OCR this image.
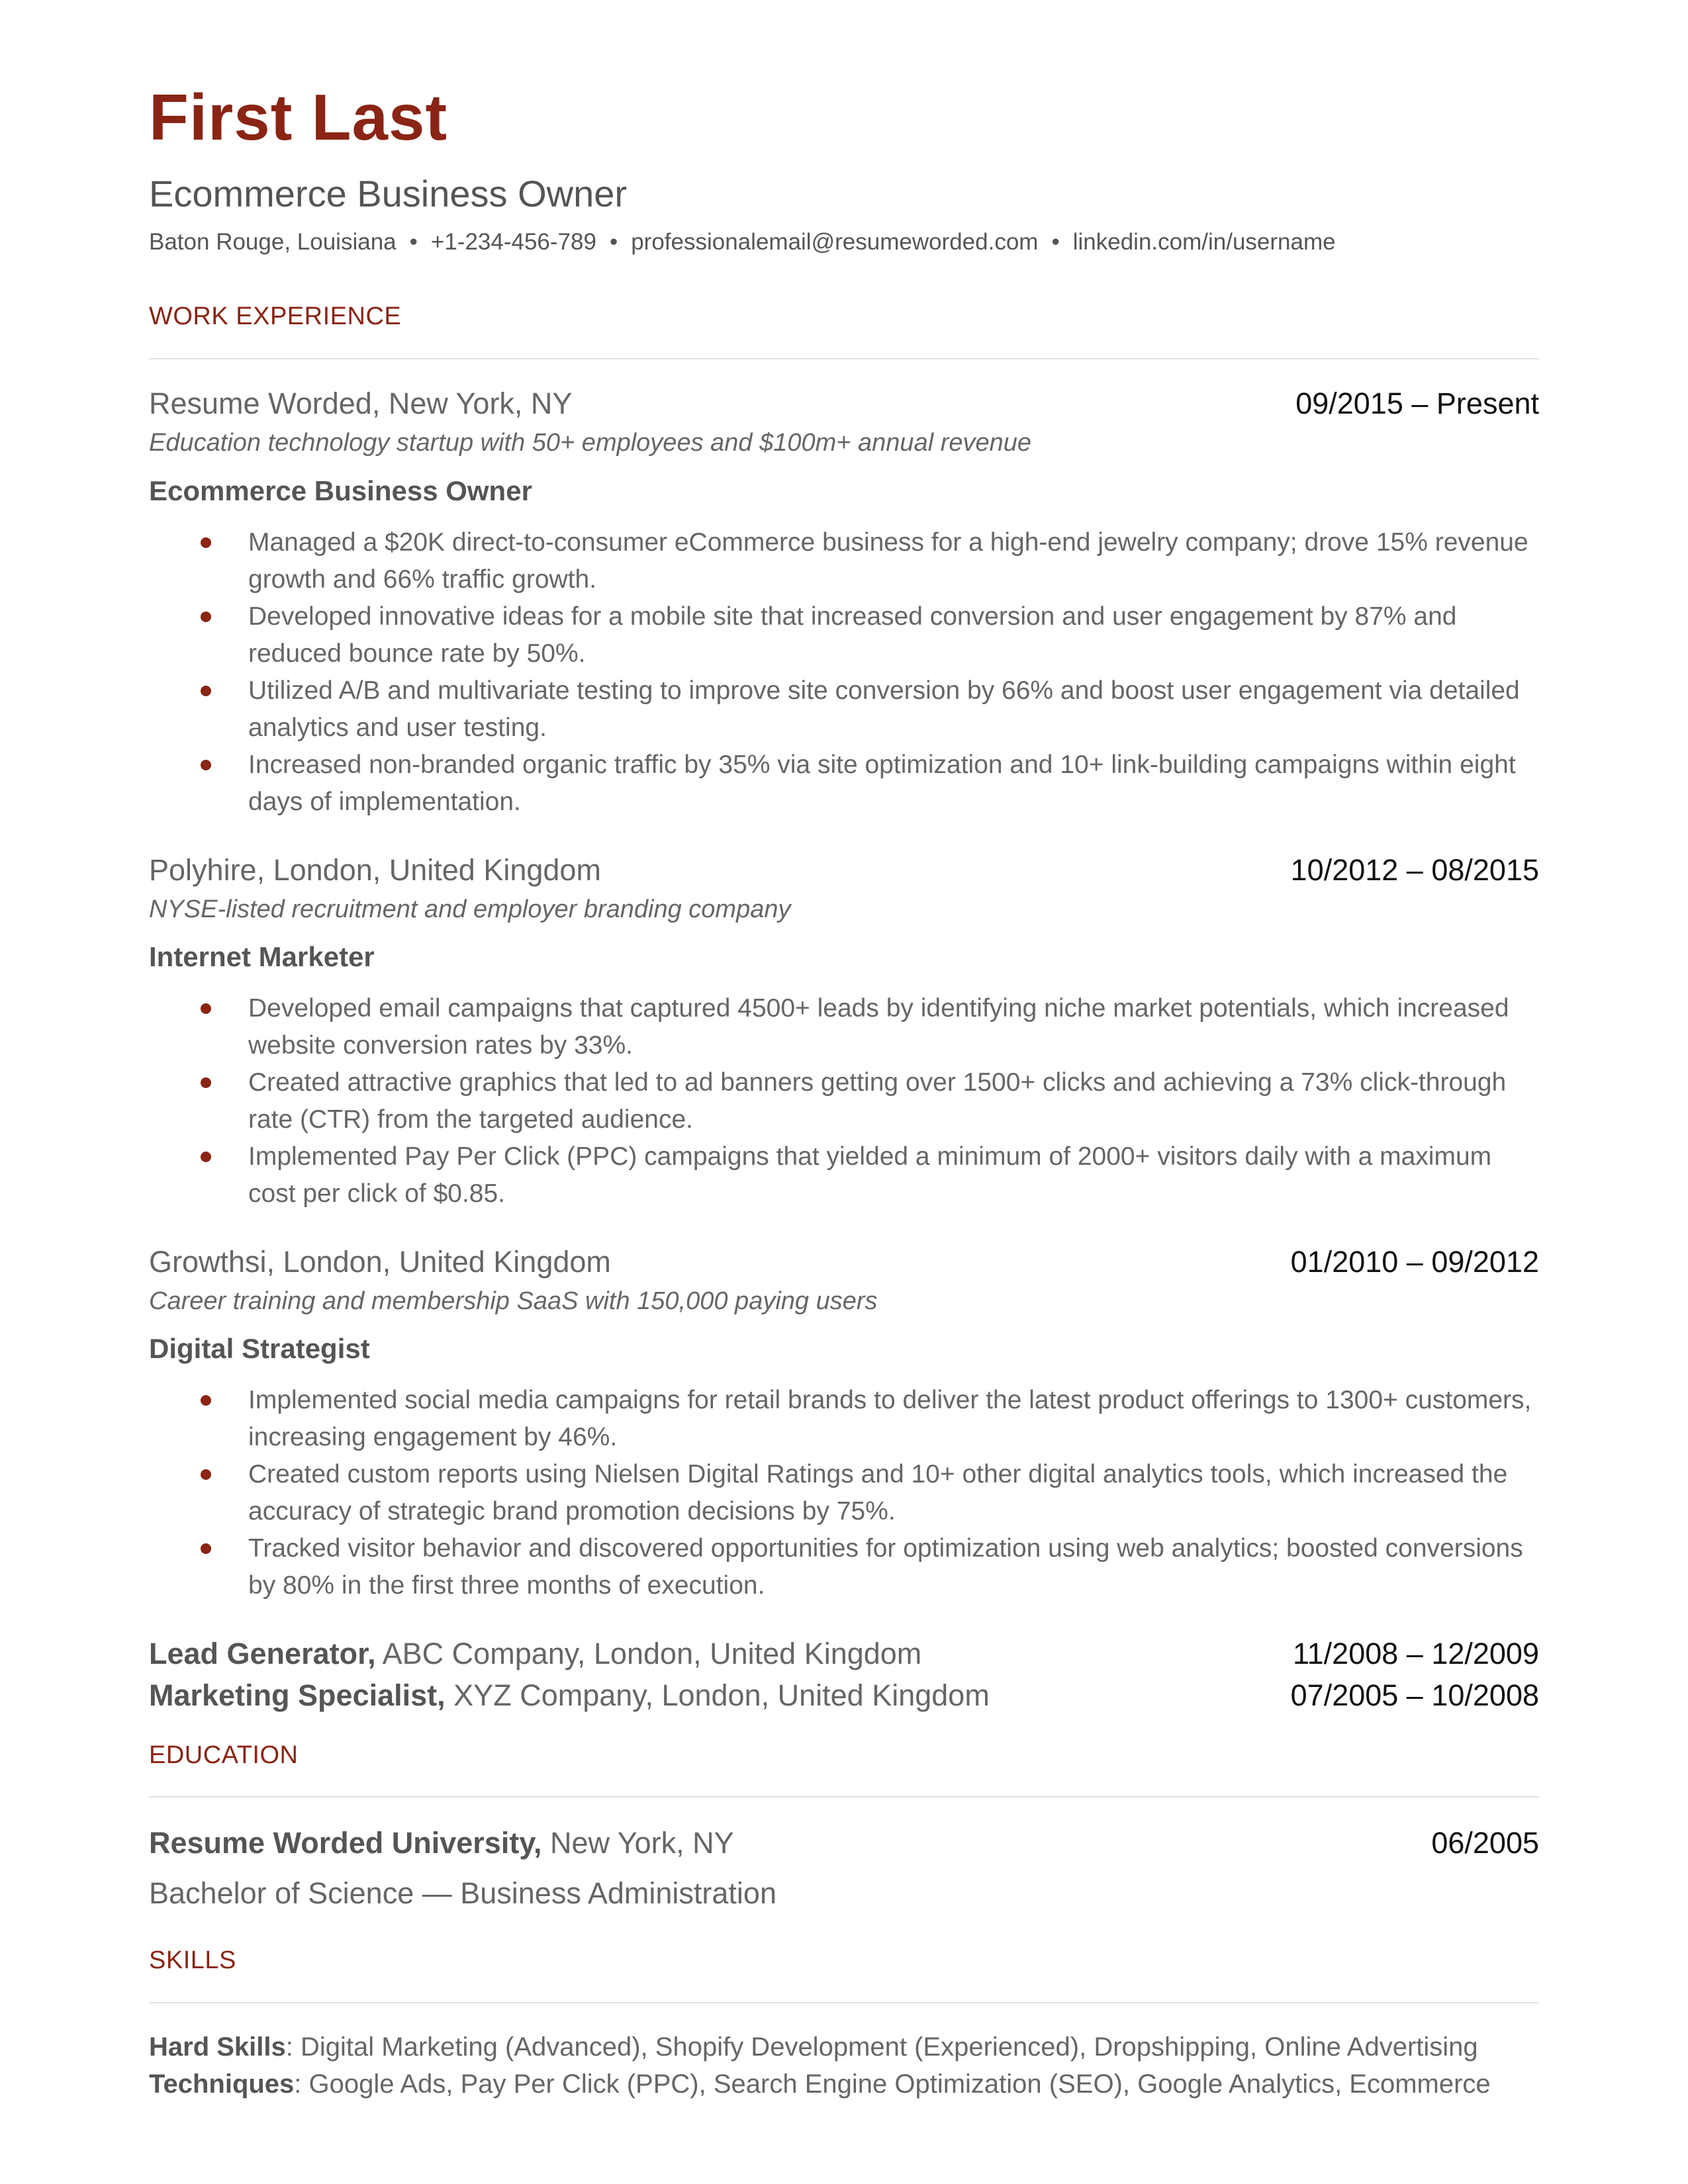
First Last
Ecommerce Business Owner
Baton Rouge, Louisiana • +1-234-456-789 • professionalemail@resumeworded.com • linkedin.com/in/username
WORK EXPERIENCE
Resume Worded, New York, NY	09/2015 – Present
Education technology startup with 50+ employees and $100m+ annual revenue
Ecommerce Business Owner
Managed a $20K direct-to-consumer eCommerce business for a high-end jewelry company; drove 15% revenue growth and 66% traffic growth.
Developed innovative ideas for a mobile site that increased conversion and user engagement by 87% and reduced bounce rate by 50%.
Utilized A/B and multivariate testing to improve site conversion by 66% and boost user engagement via detailed analytics and user testing.
Increased non-branded organic traffic by 35% via site optimization and 10+ link-building campaigns within eight days of implementation.
Polyhire, London, United Kingdom	10/2012 – 08/2015
NYSE-listed recruitment and employer branding company
Internet Marketer
Developed email campaigns that captured 4500+ leads by identifying niche market potentials, which increased website conversion rates by 33%.
Created attractive graphics that led to ad banners getting over 1500+ clicks and achieving a 73% click-through rate (CTR) from the targeted audience.
Implemented Pay Per Click (PPC) campaigns that yielded a minimum of 2000+ visitors daily with a maximum cost per click of $0.85.
Growthsi, London, United Kingdom	01/2010 – 09/2012
Career training and membership SaaS with 150,000 paying users
Digital Strategist
Implemented social media campaigns for retail brands to deliver the latest product offerings to 1300+ customers, increasing engagement by 46%.
Created custom reports using Nielsen Digital Ratings and 10+ other digital analytics tools, which increased the accuracy of strategic brand promotion decisions by 75%.
Tracked visitor behavior and discovered opportunities for optimization using web analytics; boosted conversions by 80% in the first three months of execution.
Lead Generator, ABC Company, London, United Kingdom	11/2008 – 12/2009
Marketing Specialist, XYZ Company, London, United Kingdom	07/2005 – 10/2008
EDUCATION
Resume Worded University, New York, NY	06/2005
Bachelor of Science — Business Administration
SKILLS
Hard Skills: Digital Marketing (Advanced), Shopify Development (Experienced), Dropshipping, Online Advertising
Techniques: Google Ads, Pay Per Click (PPC), Search Engine Optimization (SEO), Google Analytics, Ecommerce
